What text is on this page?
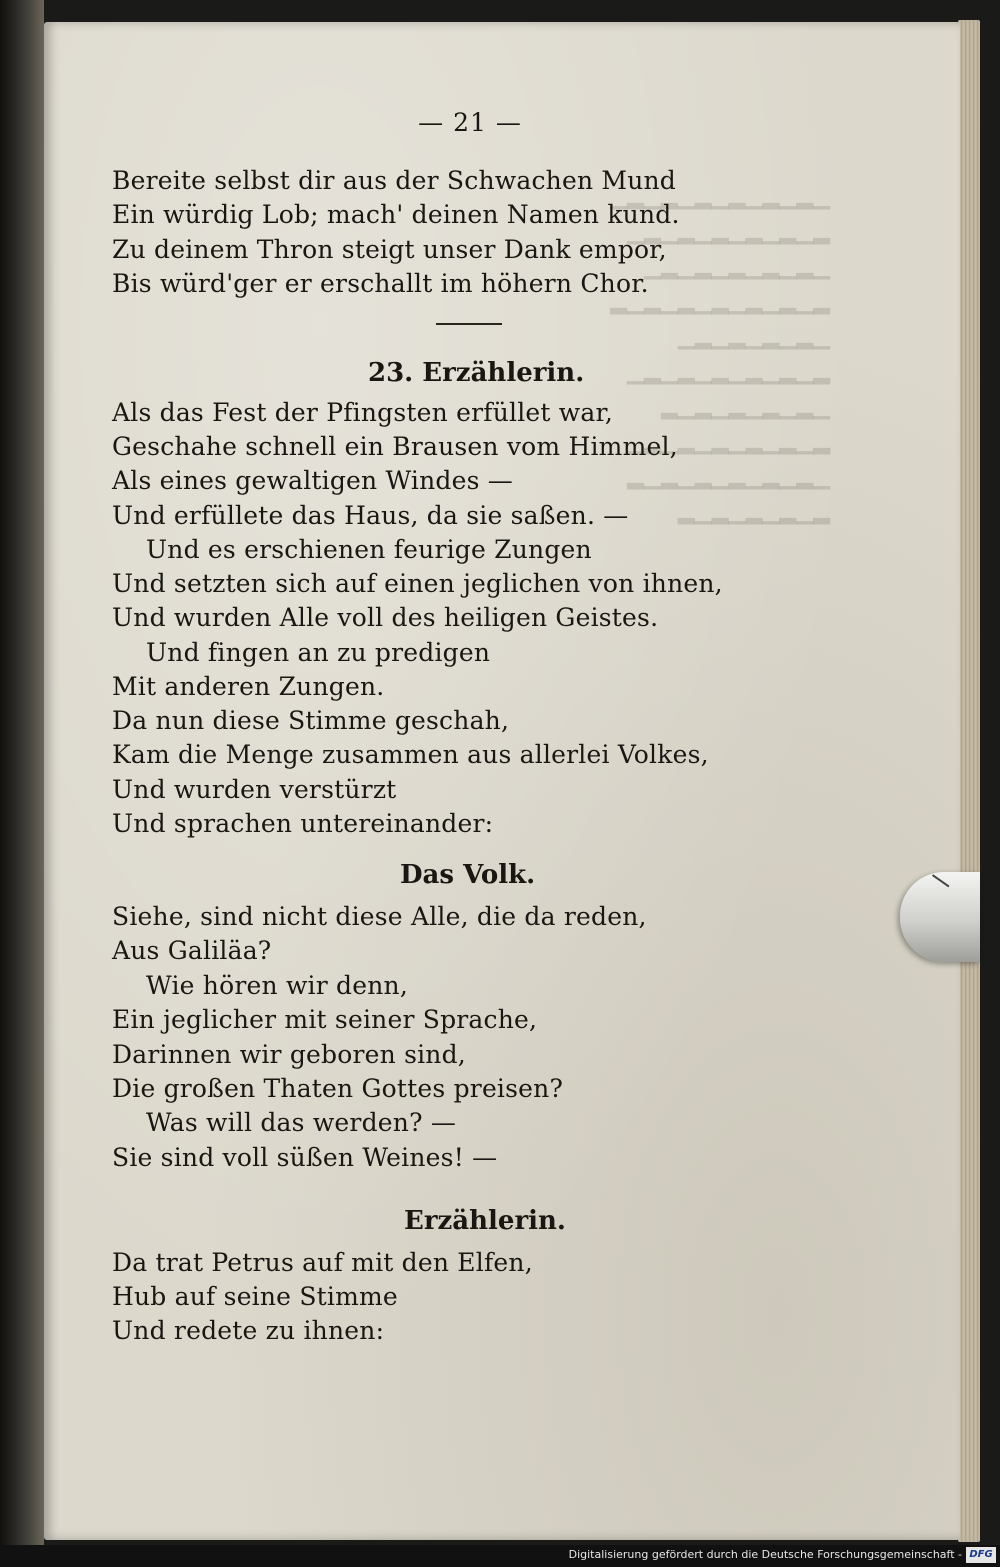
▁▂▁▂▁▂▁▂▁▂▁▂▁
▂▁▂▁▂▁▂▁▂▁▂▁
▁▂▁▂▁▂▁▂▁▂▁
▂▁▂▁▂▁▂▁▂▁▂▁▂
▁▂▁▂▁▂▁▂▁
▂▁▂▁▂▁▂▁▂▁▂▁
▁▂▁▂▁▂▁▂▁▂
▂▁▂▁▂▁▂▁▂▁▂▁
▁▂▁▂▁▂▁▂▁▂▁▂
▂▁▂▁▂▁▂▁▂
— 21 —
Bereite selbst dir aus der Schwachen Mund
Ein würdig Lob; mach' deinen Namen kund.
Zu deinem Thron steigt unser Dank empor,
Bis würd'ger er erschallt im höhern Chor.
23. Erzählerin.
Als das Fest der Pfingsten erfüllet war,
Geschahe schnell ein Brausen vom Himmel,
Als eines gewaltigen Windes —
Und erfüllete das Haus, da sie saßen. —
Und es erschienen feurige Zungen
Und setzten sich auf einen jeglichen von ihnen,
Und wurden Alle voll des heiligen Geistes.
Und fingen an zu predigen
Mit anderen Zungen.
Da nun diese Stimme geschah,
Kam die Menge zusammen aus allerlei Volkes,
Und wurden verstürzt
Und sprachen untereinander:
Das Volk.
Siehe, sind nicht diese Alle, die da reden,
Aus Galiläa?
Wie hören wir denn,
Ein jeglicher mit seiner Sprache,
Darinnen wir geboren sind,
Die großen Thaten Gottes preisen?
Was will das werden? —
Sie sind voll süßen Weines! —
Erzählerin.
Da trat Petrus auf mit den Elfen,
Hub auf seine Stimme
Und redete zu ihnen:
Digitalisierung gefördert durch die Deutsche Forschungsgemeinschaft - DFG
